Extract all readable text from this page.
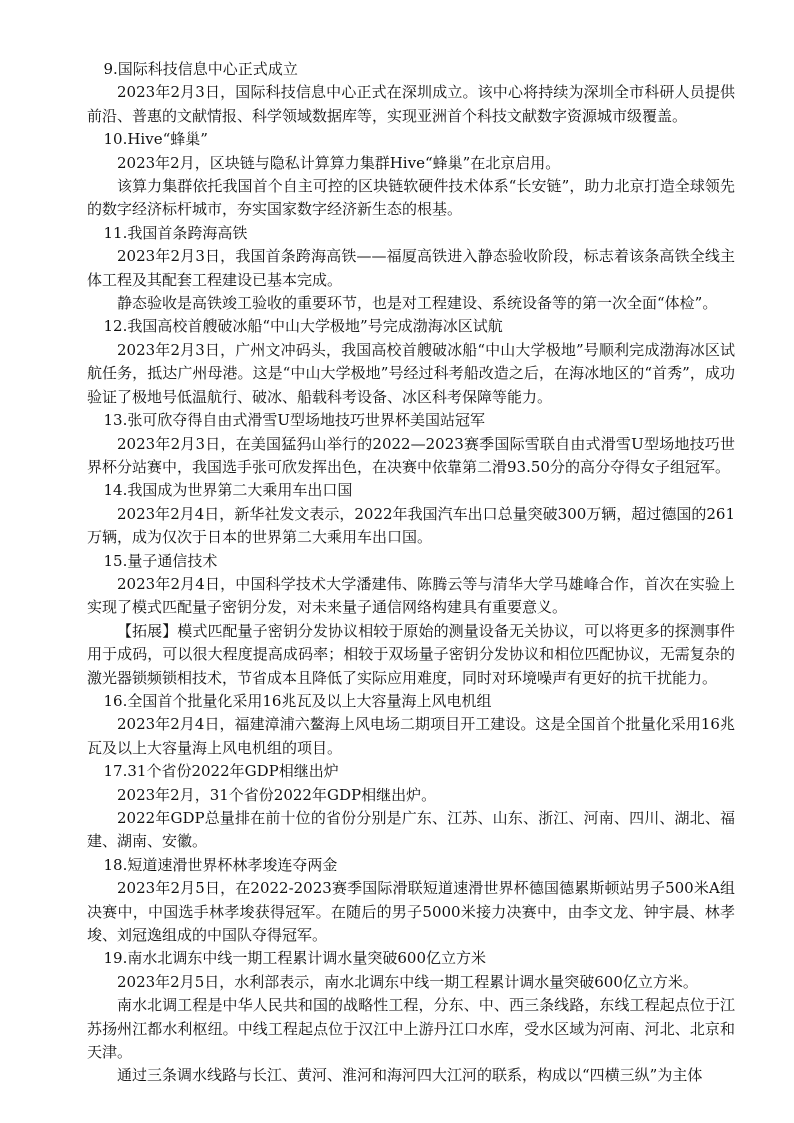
9.国际科技信息中心正式成立

2023年2月3日，国际科技信息中心正式在深圳成立。该中心将持续为深圳全市科研人员提供前沿、普惠的文献情报、科学领域数据库等，实现亚洲首个科技文献数字资源城市级覆盖。

10.Hive“蜂巢”

2023年2月，区块链与隐私计算算力集群Hive“蜂巢”在北京启用。

该算力集群依托我国首个自主可控的区块链软硬件技术体系“长安链”，助力北京打造全球领先的数字经济标杆城市，夯实国家数字经济新生态的根基。

11.我国首条跨海高铁

2023年2月3日，我国首条跨海高铁——福厦高铁进入静态验收阶段，标志着该条高铁全线主体工程及其配套工程建设已基本完成。

静态验收是高铁竣工验收的重要环节，也是对工程建设、系统设备等的第一次全面“体检”。

12.我国高校首艘破冰船“中山大学极地”号完成渤海冰区试航

2023年2月3日，广州文冲码头，我国高校首艘破冰船“中山大学极地”号顺利完成渤海冰区试航任务，抵达广州母港。这是“中山大学极地”号经过科考船改造之后，在海冰地区的“首秀”，成功验证了极地号低温航行、破冰、船载科考设备、冰区科考保障等能力。

13.张可欣夺得自由式滑雪U型场地技巧世界杯美国站冠军

2023年2月3日，在美国猛犸山举行的2022—2023赛季国际雪联自由式滑雪U型场地技巧世界杯分站赛中，我国选手张可欣发挥出色，在决赛中依靠第二滑93.50分的高分夺得女子组冠军。

14.我国成为世界第二大乘用车出口国

2023年2月4日，新华社发文表示，2022年我国汽车出口总量突破300万辆，超过德国的261万辆，成为仅次于日本的世界第二大乘用车出口国。

15.量子通信技术

2023年2月4日，中国科学技术大学潘建伟、陈腾云等与清华大学马雄峰合作，首次在实验上实现了模式匹配量子密钥分发，对未来量子通信网络构建具有重要意义。

【拓展】模式匹配量子密钥分发协议相较于原始的测量设备无关协议，可以将更多的探测事件用于成码，可以很大程度提高成码率；相较于双场量子密钥分发协议和相位匹配协议，无需复杂的激光器锁频锁相技术，节省成本且降低了实际应用难度，同时对环境噪声有更好的抗干扰能力。

16.全国首个批量化采用16兆瓦及以上大容量海上风电机组

2023年2月4日，福建漳浦六鳌海上风电场二期项目开工建设。这是全国首个批量化采用16兆瓦及以上大容量海上风电机组的项目。

17.31个省份2022年GDP相继出炉

2023年2月，31个省份2022年GDP相继出炉。

2022年GDP总量排在前十位的省份分别是广东、江苏、山东、浙江、河南、四川、湖北、福建、湖南、安徽。

18.短道速滑世界杯林孝埈连夺两金

2023年2月5日，在2022-2023赛季国际滑联短道速滑世界杯德国德累斯顿站男子500米A组决赛中，中国选手林孝埈获得冠军。在随后的男子5000米接力决赛中，由李文龙、钟宇晨、林孝埈、刘冠逸组成的中国队夺得冠军。

19.南水北调东中线一期工程累计调水量突破600亿立方米

2023年2月5日，水利部表示，南水北调东中线一期工程累计调水量突破600亿立方米。

南水北调工程是中华人民共和国的战略性工程，分东、中、西三条线路，东线工程起点位于江苏扬州江都水利枢纽。中线工程起点位于汉江中上游丹江口水库，受水区域为河南、河北、北京和天津。

通过三条调水线路与长江、黄河、淮河和海河四大江河的联系，构成以“四横三纵”为主体
